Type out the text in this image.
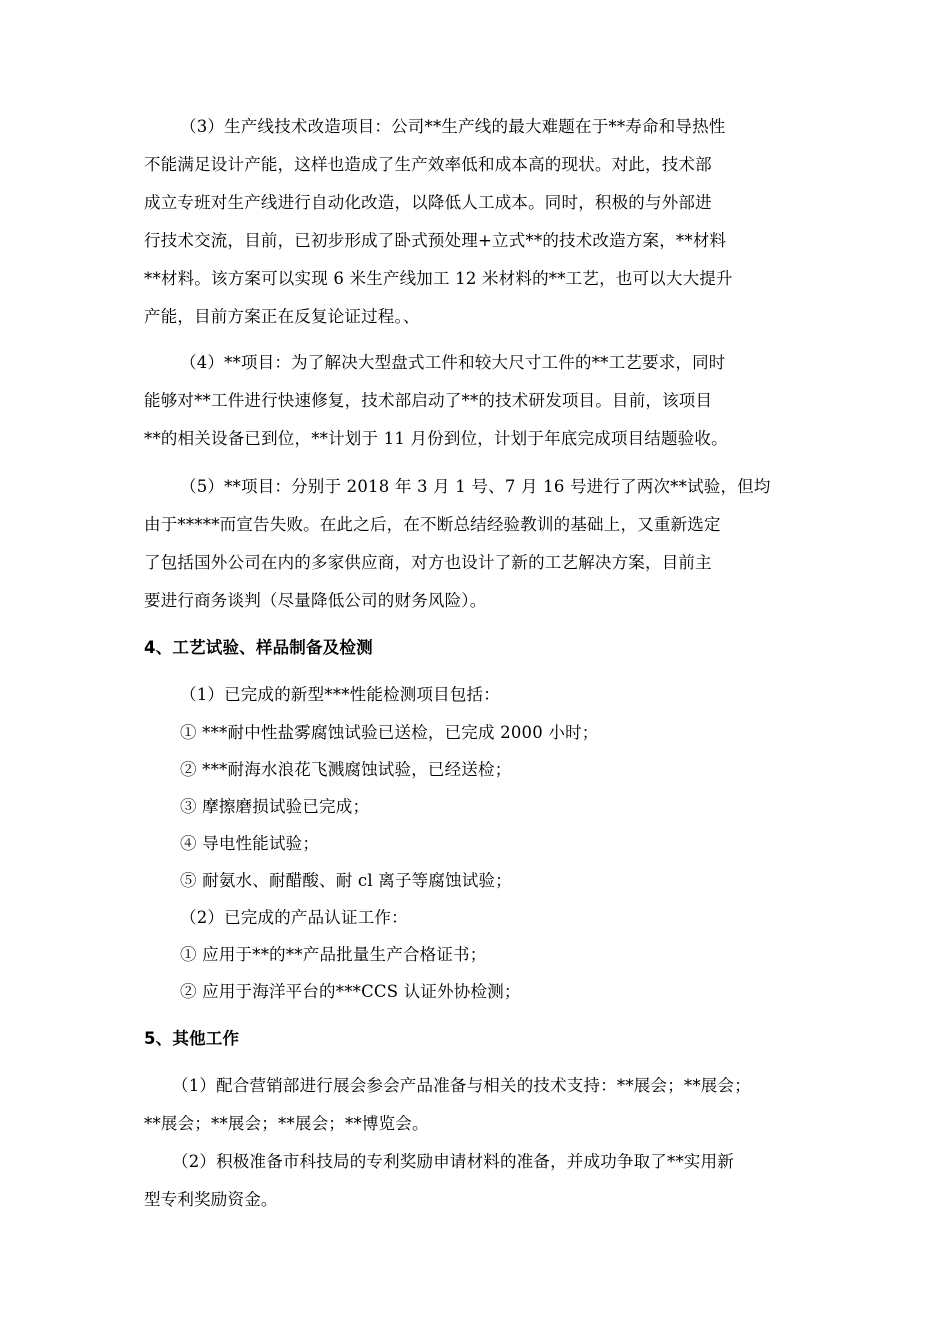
（3）生产线技术改造项目：公司**生产线的最大难题在于**寿命和导热性
不能满足设计产能，这样也造成了生产效率低和成本高的现状。对此，技术部
成立专班对生产线进行自动化改造，以降低人工成本。同时，积极的与外部进
行技术交流，目前，已初步形成了卧式预处理+立式**的技术改造方案，**材料
**材料。该方案可以实现 6 米生产线加工 12 米材料的**工艺，也可以大大提升
产能，目前方案正在反复论证过程。、
（4）**项目：为了解决大型盘式工件和较大尺寸工件的**工艺要求，同时
能够对**工件进行快速修复，技术部启动了**的技术研发项目。目前，该项目
**的相关设备已到位，**计划于 11 月份到位，计划于年底完成项目结题验收。
（5）**项目：分别于 2018 年 3 月 1 号、7 月 16 号进行了两次**试验，但均
由于*****而宣告失败。在此之后，在不断总结经验教训的基础上，又重新选定
了包括国外公司在内的多家供应商，对方也设计了新的工艺解决方案，目前主
要进行商务谈判（尽量降低公司的财务风险）。
4、工艺试验、样品制备及检测
（1）已完成的新型***性能检测项目包括：
① ***耐中性盐雾腐蚀试验已送检，已完成 2000 小时；
② ***耐海水浪花飞溅腐蚀试验，已经送检；
③ 摩擦磨损试验已完成；
④ 导电性能试验；
⑤ 耐氨水、耐醋酸、耐 cl 离子等腐蚀试验；
（2）已完成的产品认证工作：
① 应用于**的**产品批量生产合格证书；
② 应用于海洋平台的***CCS 认证外协检测；
5、其他工作
（1）配合营销部进行展会参会产品准备与相关的技术支持：**展会；**展会；
**展会；**展会；**展会；**博览会。
（2）积极准备市科技局的专利奖励申请材料的准备，并成功争取了**实用新
型专利奖励资金。
